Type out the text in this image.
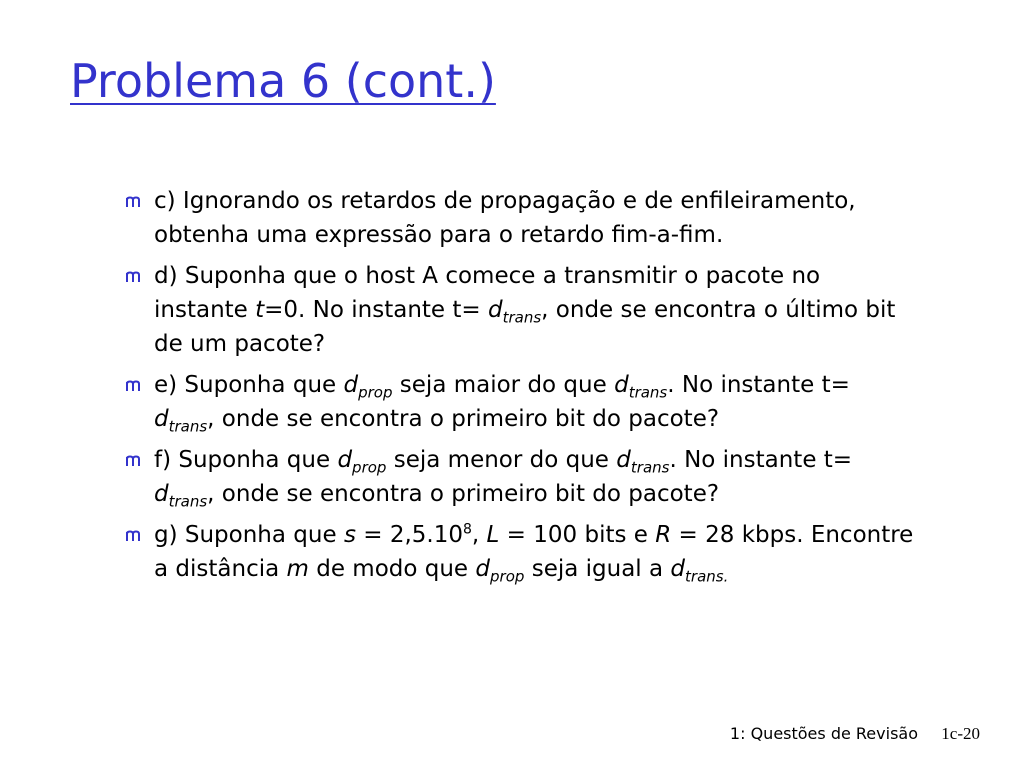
Problema 6 (cont.)
c) Ignorando os retardos de propagação e de enfileiramento, obtenha uma expressão para o retardo fim-a-fim.
d) Suponha que o host A comece a transmitir o pacote no instante t=0. No instante $t= d_{trans}$, onde se encontra o último bit de um pacote?
e) Suponha que $d_{prop}$ seja maior do que $d_{trans}$. No instante $t= d_{trans}$, onde se encontra o primeiro bit do pacote?
f) Suponha que $d_{prop}$ seja menor do que $d_{trans}$. No instante $t= d_{trans}$, onde se encontra o primeiro bit do pacote?
g) Suponha que $s = 2,5.10^8$, L = 100 bits e R = 28 kbps. Encontre a distância m de modo que $d_{prop}$ seja igual a $d_{trans.}$
1: Questões de Revisão 1c-20
